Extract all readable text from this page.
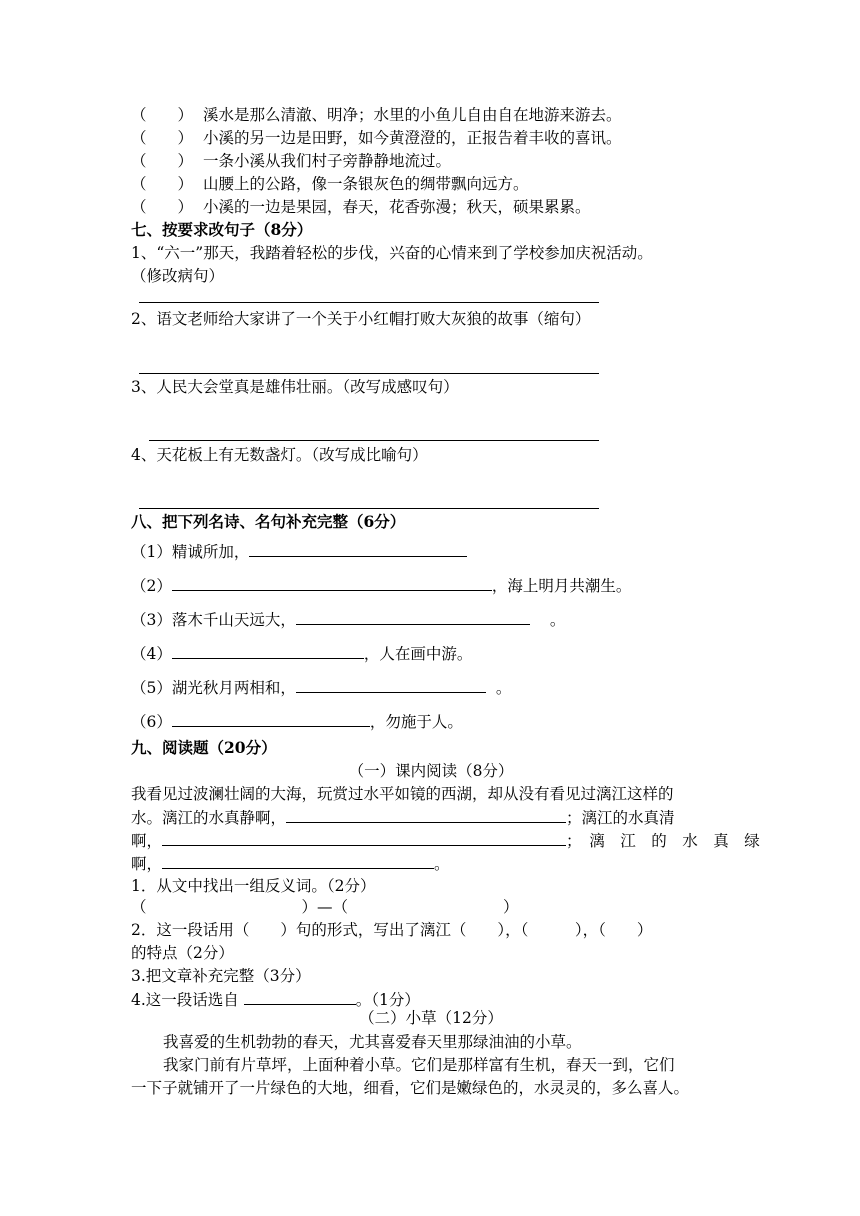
（　　） 溪水是那么清澈、明净；水里的小鱼儿自由自在地游来游去。
（　　） 小溪的另一边是田野，如今黄澄澄的，正报告着丰收的喜讯。
（　　） 一条小溪从我们村子旁静静地流过。
（　　） 山腰上的公路，像一条银灰色的绸带飘向远方。
（　　） 小溪的一边是果园，春天，花香弥漫；秋天，硕果累累。
七、按要求改句子（8分）
1、“六一”那天，我踏着轻松的步伐，兴奋的心情来到了学校参加庆祝活动。
（修改病句）
2、语文老师给大家讲了一个关于小红帽打败大灰狼的故事（缩句）
3、人民大会堂真是雄伟壮丽。（改写成感叹句）
4、天花板上有无数盏灯。（改写成比喻句）
八、把下列名诗、名句补充完整（6分）
（1）精诚所加，
（2）	，海上明月共潮生。
（3）落木千山天远大，	。
（4）	，人在画中游。
（5）湖光秋月两相和，	。
（6）	，勿施于人。
九、阅读题（20分）
（一）课内阅读（8分）
我看见过波澜壮阔的大海，玩赏过水平如镜的西湖，却从没有看见过漓江这样的
水。漓江的水真静啊，	；漓江的水真清
啊，	；　漓　江　的　水　真　绿
啊，	。
1．从文中找出一组反义词。（2分）
（　　　　　　　　　　）—（　　　　　　　　　　）
2．这一段话用（　　）句的形式，写出了漓江（　　），（　　　），（　　）
的特点（2分）
3.把文章补充完整（3分）
4.这一段话选自	。（1分）
（二）小草（12分）
我喜爱的生机勃勃的春天，尤其喜爱春天里那绿油油的小草。
我家门前有片草坪，上面种着小草。它们是那样富有生机，春天一到，它们
一下子就铺开了一片绿色的大地，细看，它们是嫩绿色的，水灵灵的，多么喜人。
